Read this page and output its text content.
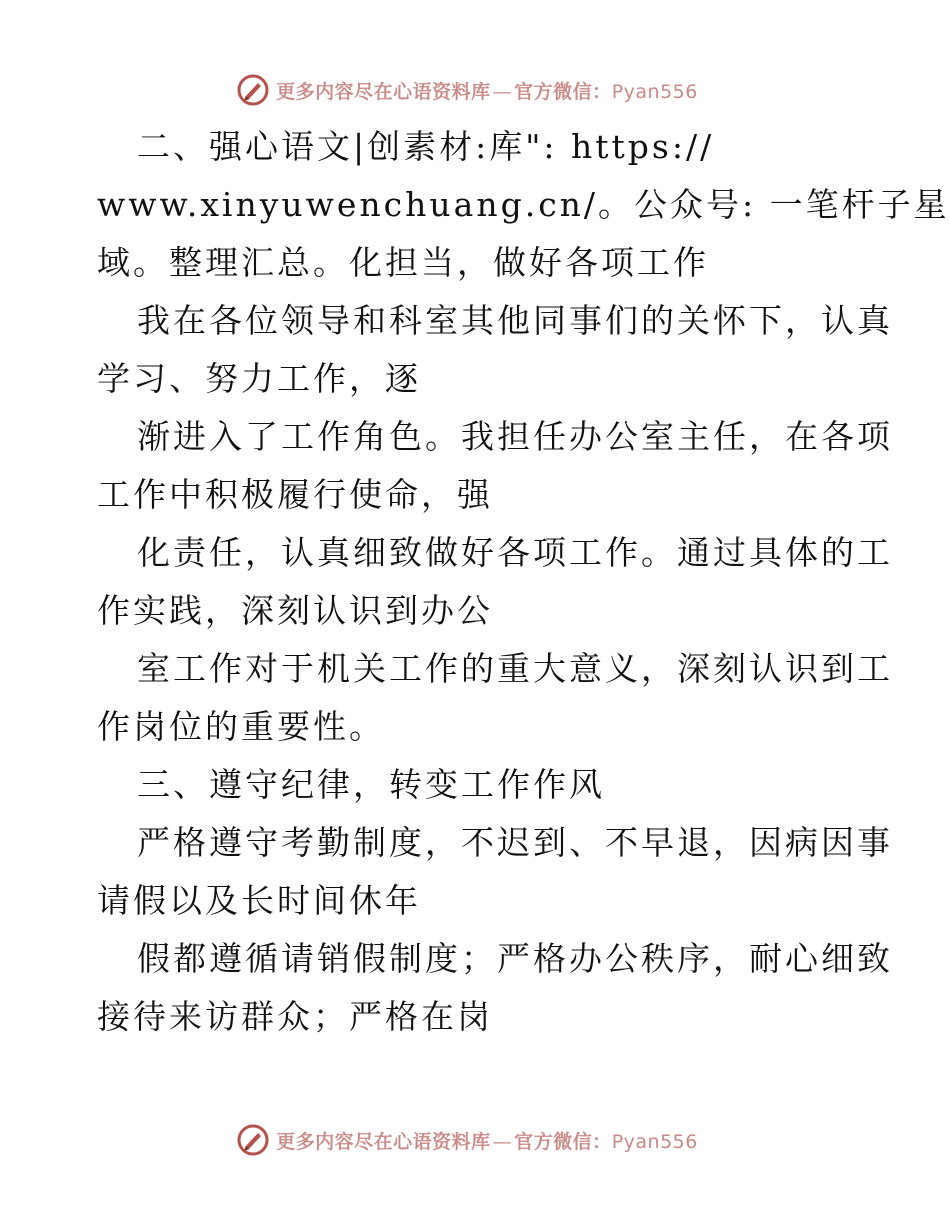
更多内容尽在心语资料库 — 官方微信：Pyan556
二、强心语文|创素材:库": https://
www.xinyuwenchuang.cn/。公众号: 一笔杆子星
域。整理汇总。化担当，做好各项工作
我在各位领导和科室其他同事们的关怀下，认真
学习、努力工作，逐
渐进入了工作角色。我担任办公室主任，在各项
工作中积极履行使命，强
化责任，认真细致做好各项工作。通过具体的工
作实践，深刻认识到办公
室工作对于机关工作的重大意义，深刻认识到工
作岗位的重要性。
三、遵守纪律，转变工作作风
严格遵守考勤制度，不迟到、不早退，因病因事
请假以及长时间休年
假都遵循请销假制度；严格办公秩序，耐心细致
接待来访群众；严格在岗
更多内容尽在心语资料库 — 官方微信：Pyan556
